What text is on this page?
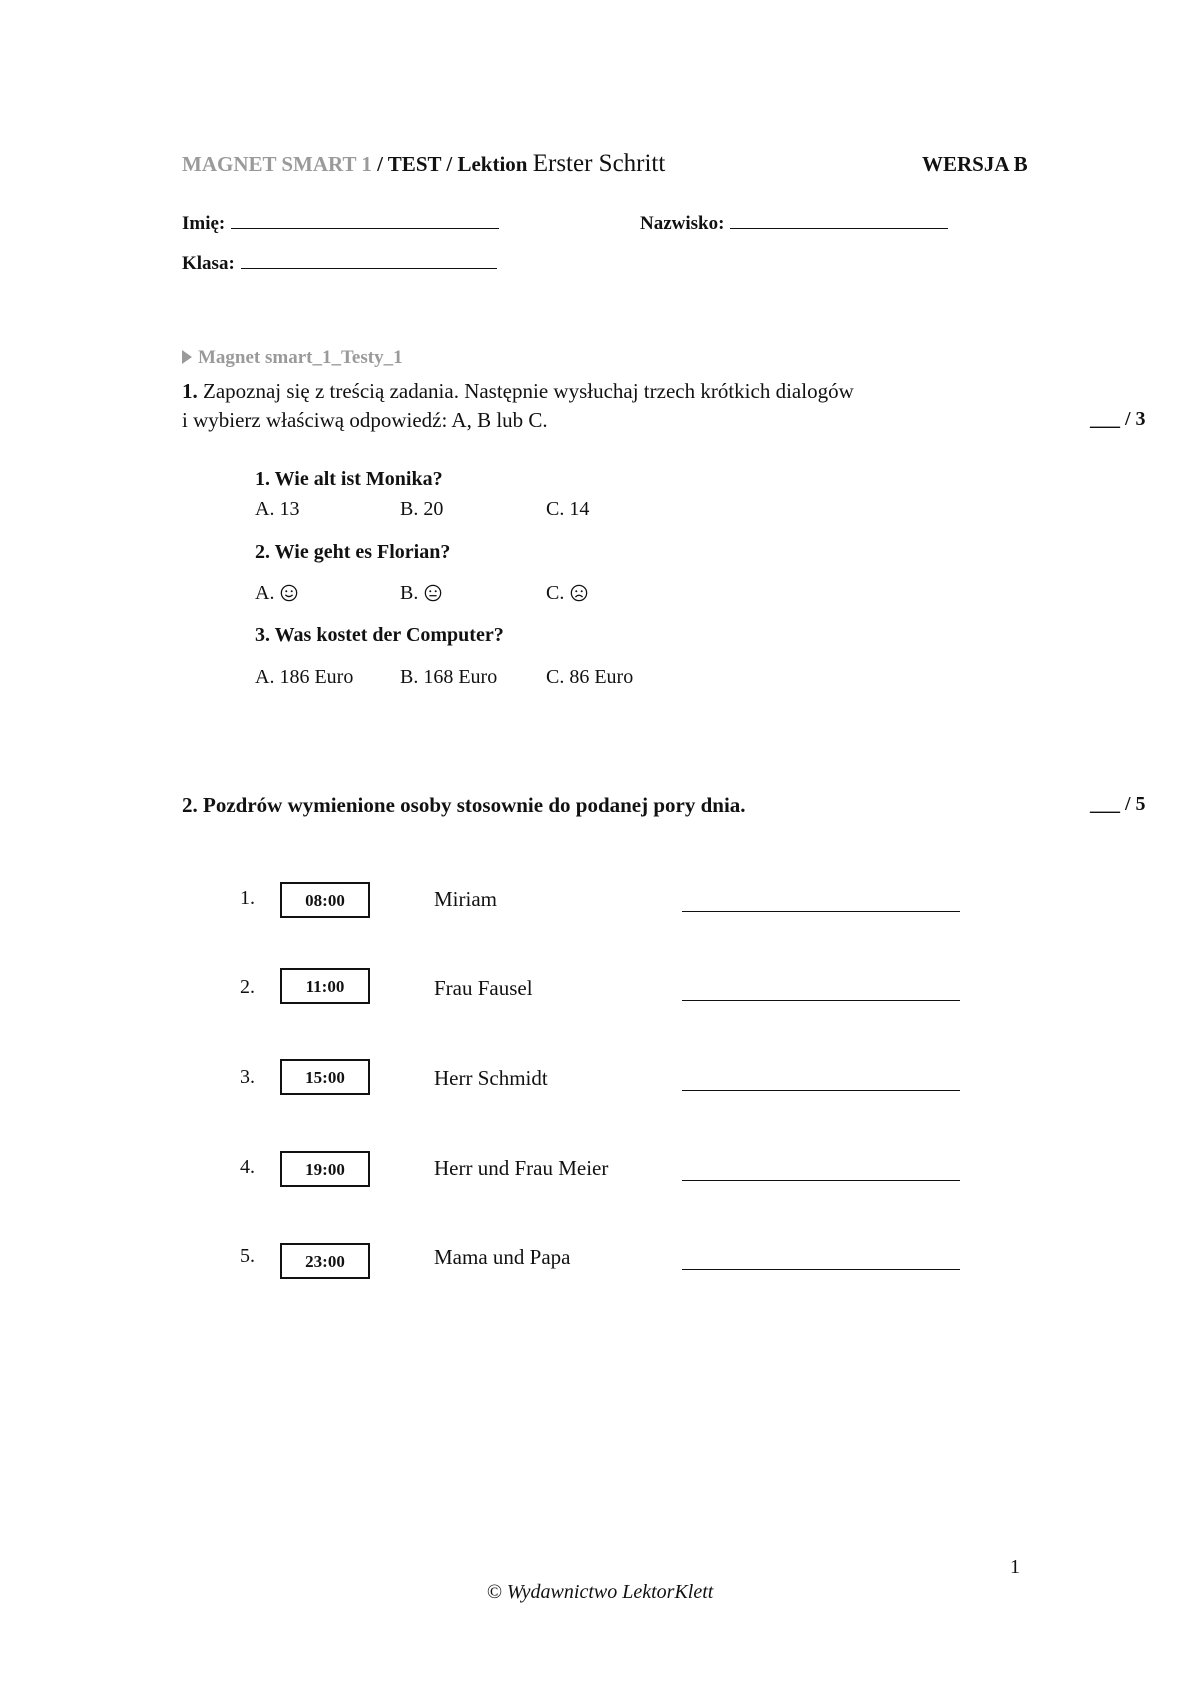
MAGNET SMART 1 / TEST / Lektion Erster Schritt	WERSJA B
Imię:	Nazwisko:
Klasa:
Magnet smart_1_Testy_1
1. Zapoznaj się z treścią zadania. Następnie wysłuchaj trzech krótkich dialogów
i wybierz właściwą odpowiedź: A, B lub C.	___ / 3
1. Wie alt ist Monika?
A. 13	B. 20	C. 14
2. Wie geht es Florian?
A.	B.	C.
3. Was kostet der Computer?
A. 186 Euro B. 168 Euro C. 86 Euro
2. Pozdrów wymienione osoby stosownie do podanej pory dnia.	___ / 5
1.	08:00	Miriam
2.	11:00	Frau Fausel
3.	15:00	Herr Schmidt
4.	19:00	Herr und Frau Meier
5.	23:00	Mama und Papa
1
© Wydawnictwo LektorKlett
